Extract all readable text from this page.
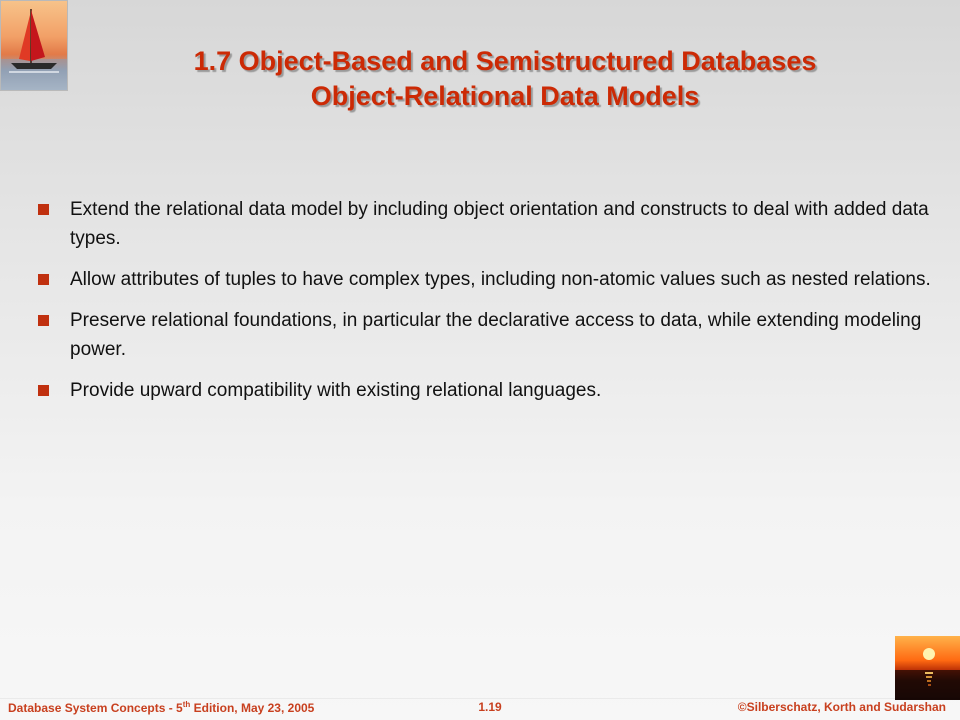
1.7 Object-Based and Semistructured Databases
Object-Relational Data Models
Extend the relational data model by including object orientation and constructs to deal with added data types.
Allow attributes of tuples to have complex types, including non-atomic values such as nested relations.
Preserve relational foundations, in particular the declarative access to data, while extending modeling power.
Provide upward compatibility with existing relational languages.
Database System Concepts - 5th Edition, May 23, 2005	1.19	©Silberschatz, Korth and Sudarshan
